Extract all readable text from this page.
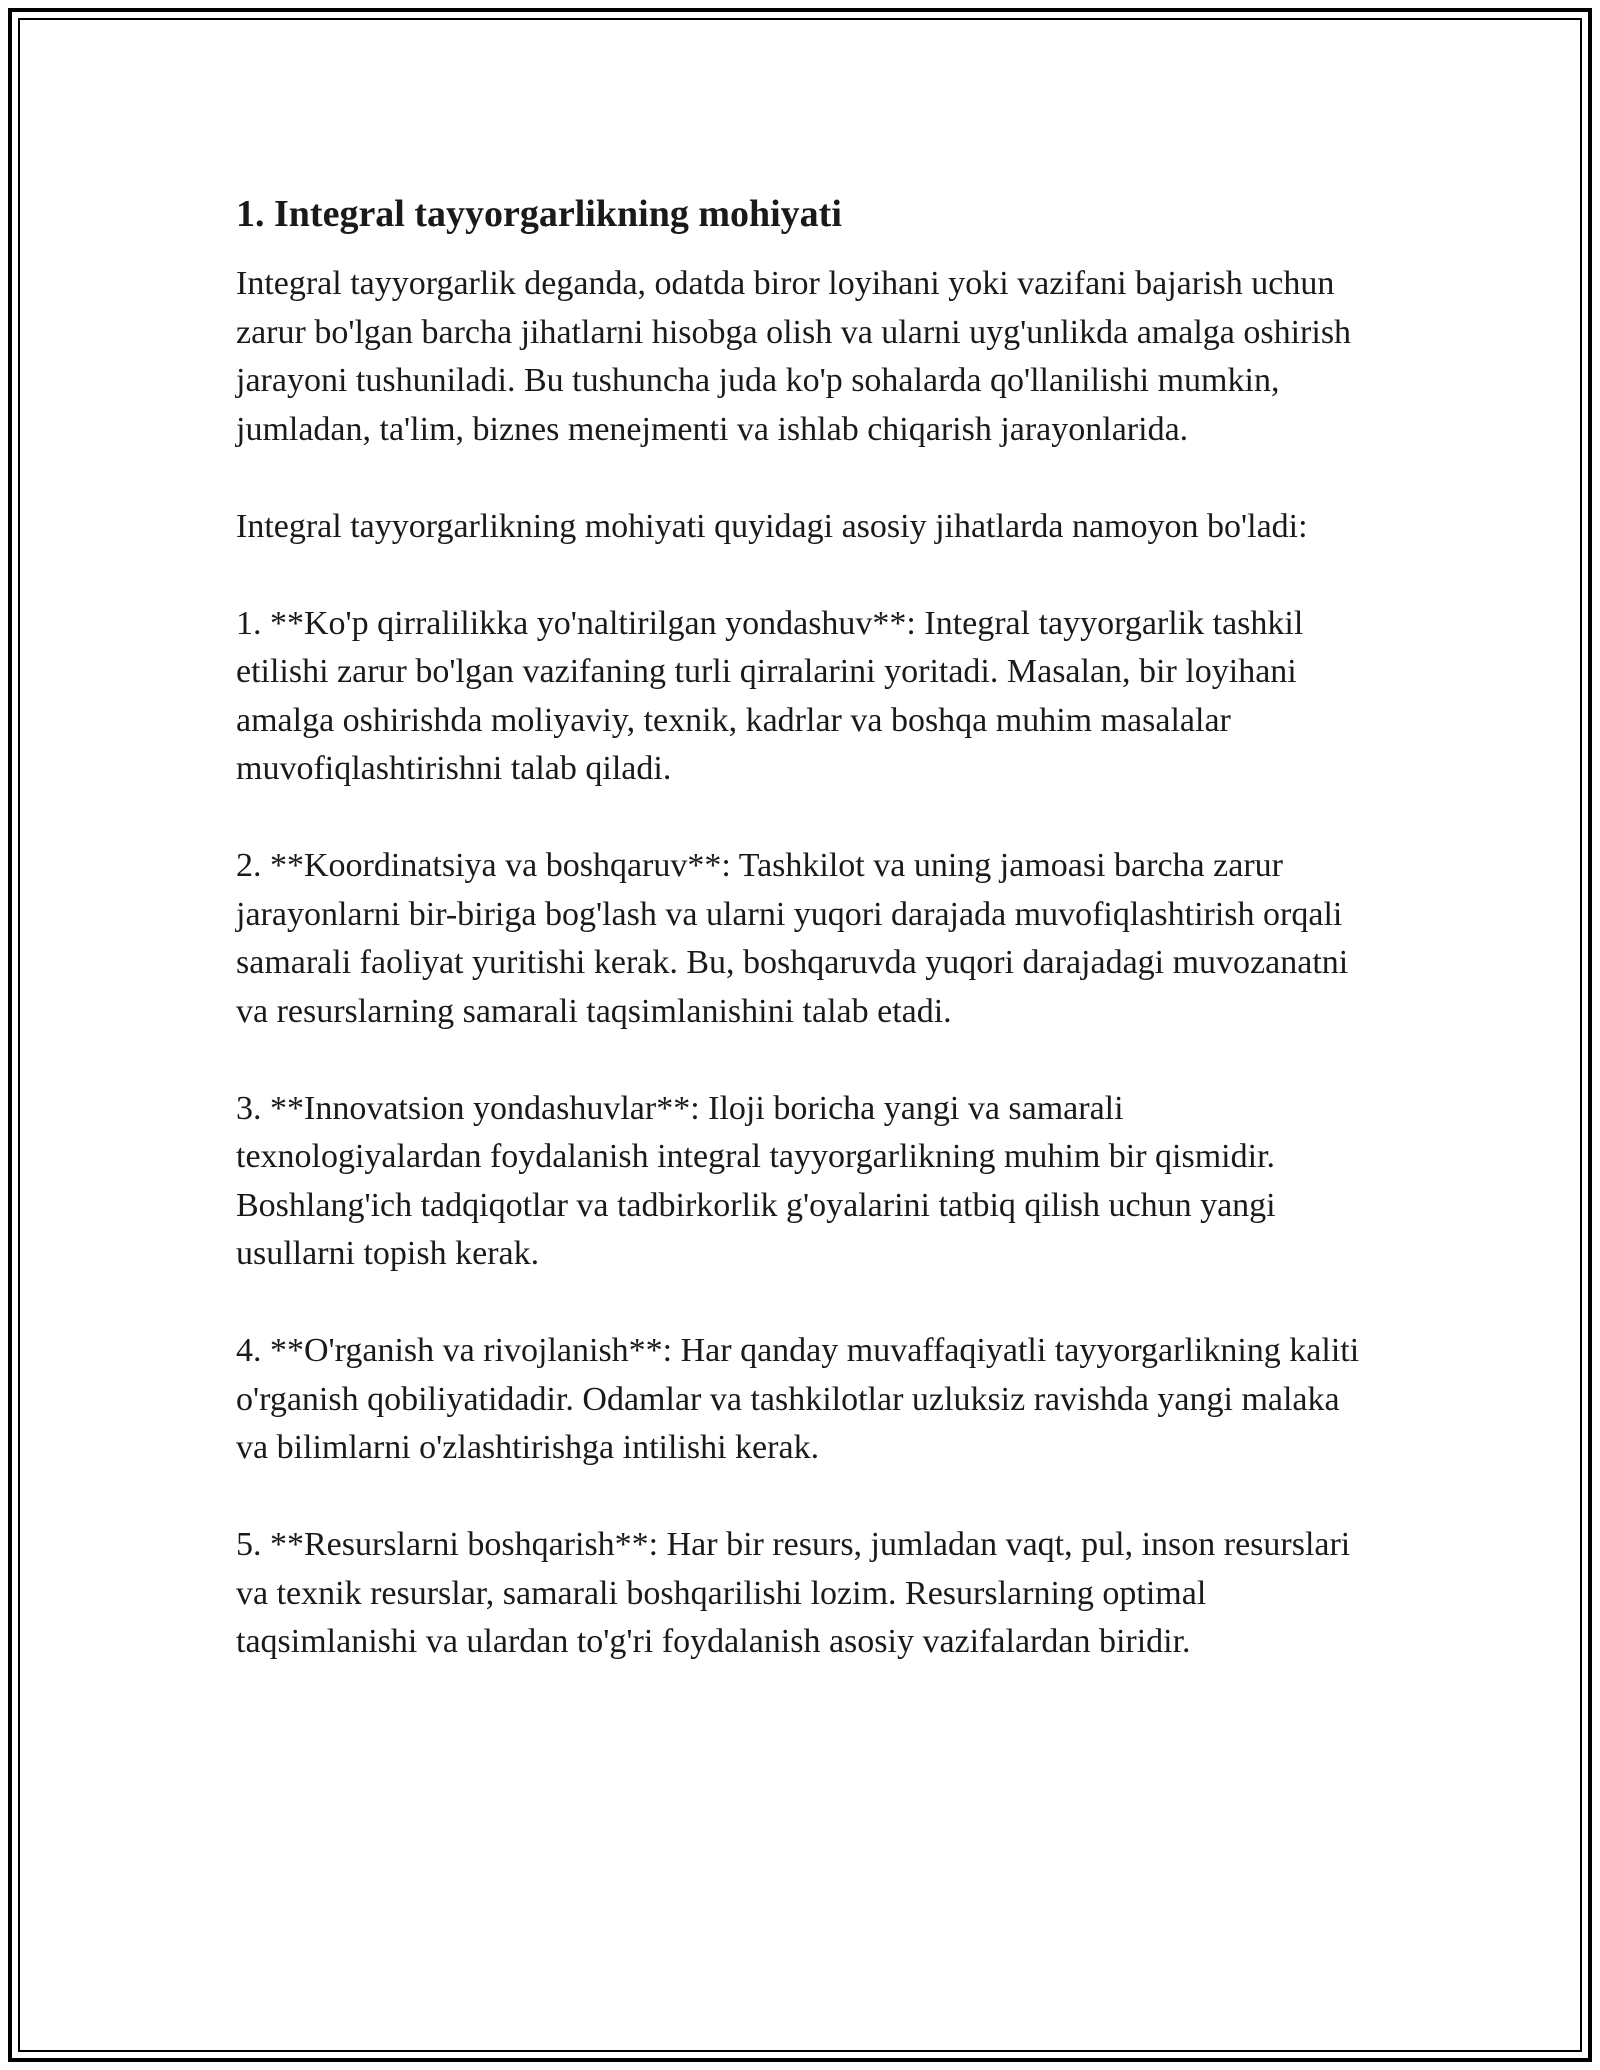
1. Integral tayyorgarlikning mohiyati

Integral tayyorgarlik deganda, odatda biror loyihani yoki vazifani bajarish uchun zarur bo'lgan barcha jihatlarni hisobga olish va ularni uyg'unlikda amalga oshirish jarayoni tushuniladi. Bu tushuncha juda ko'p sohalarda qo'llanilishi mumkin, jumladan, ta'lim, biznes menejmenti va ishlab chiqarish jarayonlarida.

Integral tayyorgarlikning mohiyati quyidagi asosiy jihatlarda namoyon bo'ladi:

1. **Ko'p qirralilikka yo'naltirilgan yondashuv**: Integral tayyorgarlik tashkil etilishi zarur bo'lgan vazifaning turli qirralarini yoritadi. Masalan, bir loyihani amalga oshirishda moliyaviy, texnik, kadrlar va boshqa muhim masalalar muvofiqlashtirishni talab qiladi.

2. **Koordinatsiya va boshqaruv**: Tashkilot va uning jamoasi barcha zarur jarayonlarni bir-biriga bog'lash va ularni yuqori darajada muvofiqlashtirish orqali samarali faoliyat yuritishi kerak. Bu, boshqaruvda yuqori darajadagi muvozanatni va resurslarning samarali taqsimlanishini talab etadi.

3. **Innovatsion yondashuvlar**: Iloji boricha yangi va samarali texnologiyalardan foydalanish integral tayyorgarlikning muhim bir qismidir. Boshlang'ich tadqiqotlar va tadbirkorlik g'oyalarini tatbiq qilish uchun yangi usullarni topish kerak.

4. **O'rganish va rivojlanish**: Har qanday muvaffaqiyatli tayyorgarlikning kaliti o'rganish qobiliyatidadir. Odamlar va tashkilotlar uzluksiz ravishda yangi malaka va bilimlarni o'zlashtirishga intilishi kerak.

5. **Resurslarni boshqarish**: Har bir resurs, jumladan vaqt, pul, inson resurslari va texnik resurslar, samarali boshqarilishi lozim. Resurslarning optimal taqsimlanishi va ulardan to'g'ri foydalanish asosiy vazifalardan biridir.
